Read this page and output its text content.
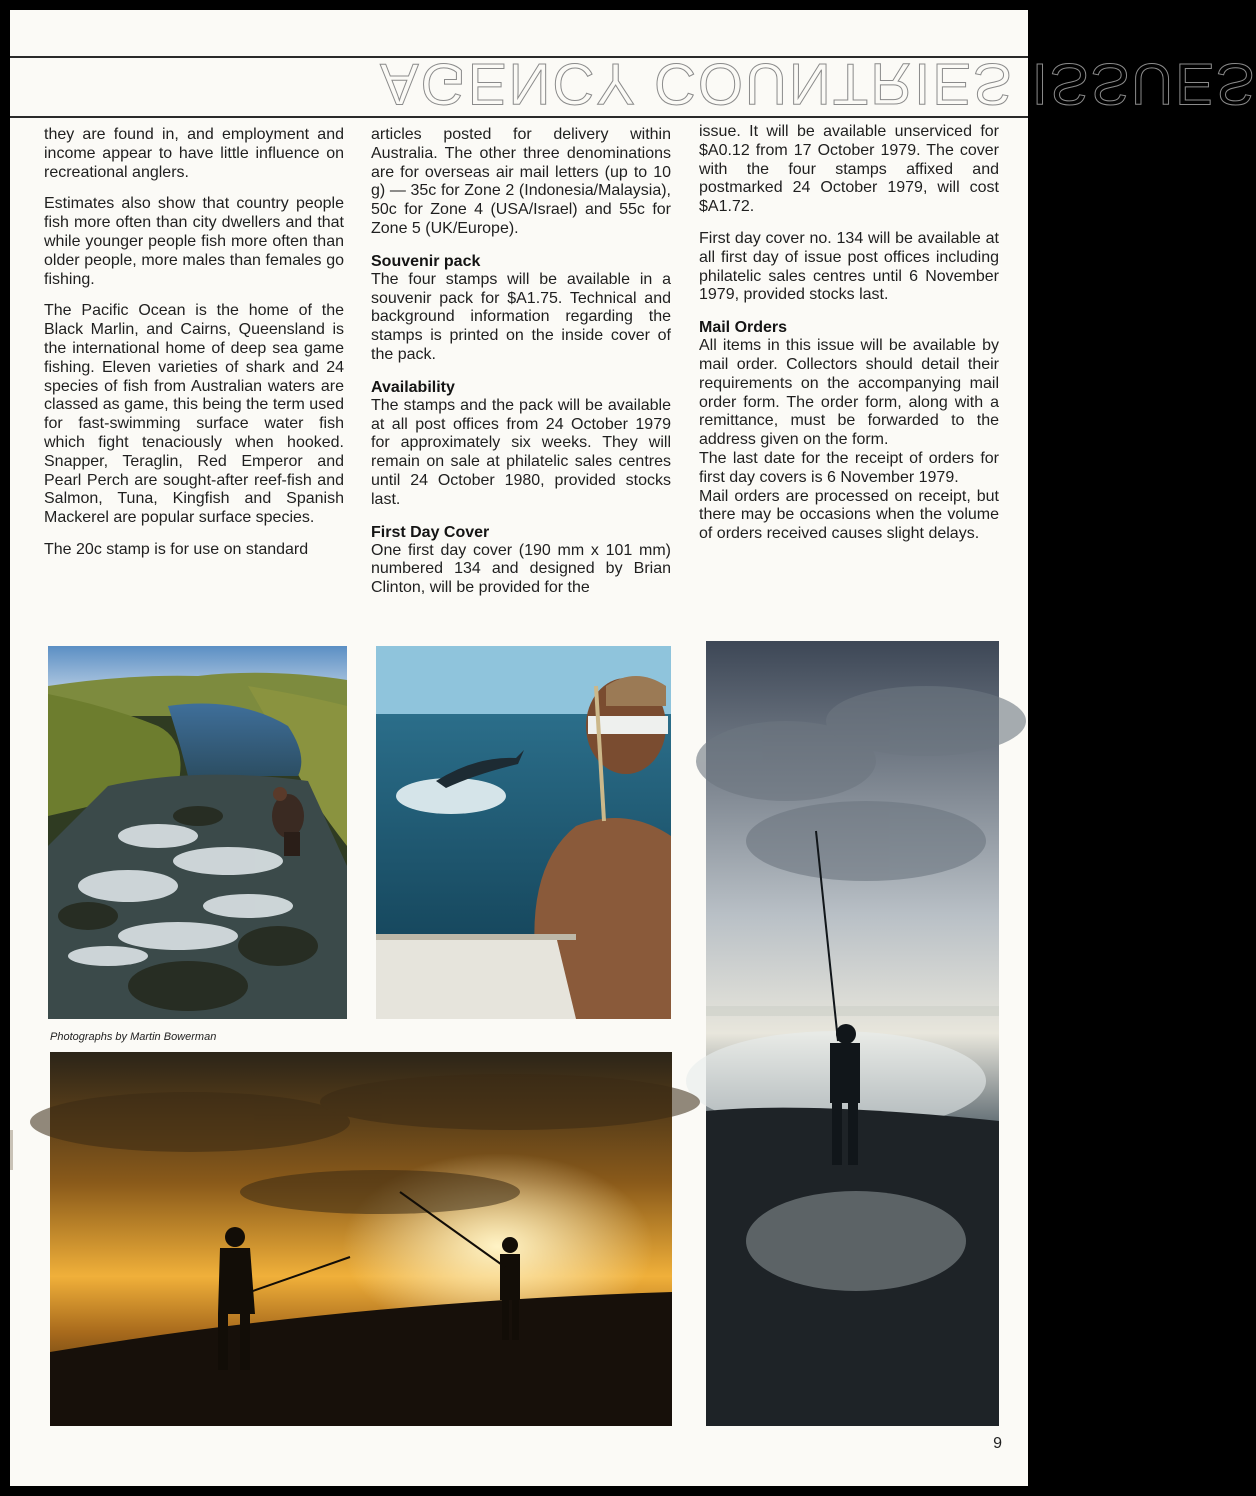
AGENCY COUNTRIES ISSUES

they are found in, and employment and income appear to have little influence on recreational anglers.

Estimates also show that country people fish more often than city dwellers and that while younger people fish more often than older people, more males than females go fishing.

The Pacific Ocean is the home of the Black Marlin, and Cairns, Queensland is the international home of deep sea game fishing. Eleven varieties of shark and 24 species of fish from Australian waters are classed as game, this being the term used for fast-swimming surface water fish which fight tenaciously when hooked. Snapper, Teraglin, Red Emperor and Pearl Perch are sought-after reef-fish and Salmon, Tuna, Kingfish and Spanish Mackerel are popular surface species.

The 20c stamp is for use on standard

articles posted for delivery within Australia. The other three denominations are for overseas air mail letters (up to 10 g) — 35c for Zone 2 (Indonesia/Malaysia), 50c for Zone 4 (USA/Israel) and 55c for Zone 5 (UK/Europe).

Souvenir pack

The four stamps will be available in a souvenir pack for $A1.75. Technical and background information regarding the stamps is printed on the inside cover of the pack.

Availability

The stamps and the pack will be available at all post offices from 24 October 1979 for approximately six weeks. They will remain on sale at philatelic sales centres until 24 October 1980, provided stocks last.

First Day Cover

One first day cover (190 mm x 101 mm) numbered 134 and designed by Brian Clinton, will be provided for the

issue. It will be available unserviced for $A0.12 from 17 October 1979. The cover with the four stamps affixed and postmarked 24 October 1979, will cost $A1.72.

First day cover no. 134 will be available at all first day of issue post offices including philatelic sales centres until 6 November 1979, provided stocks last.

Mail Orders

All items in this issue will be available by mail order. Collectors should detail their requirements on the accompanying mail order form. The order form, along with a remittance, must be forwarded to the address given on the form.

The last date for the receipt of orders for first day covers is 6 November 1979.

Mail orders are processed on receipt, but there may be occasions when the volume of orders received causes slight delays.

Photographs by Martin Bowerman
9
